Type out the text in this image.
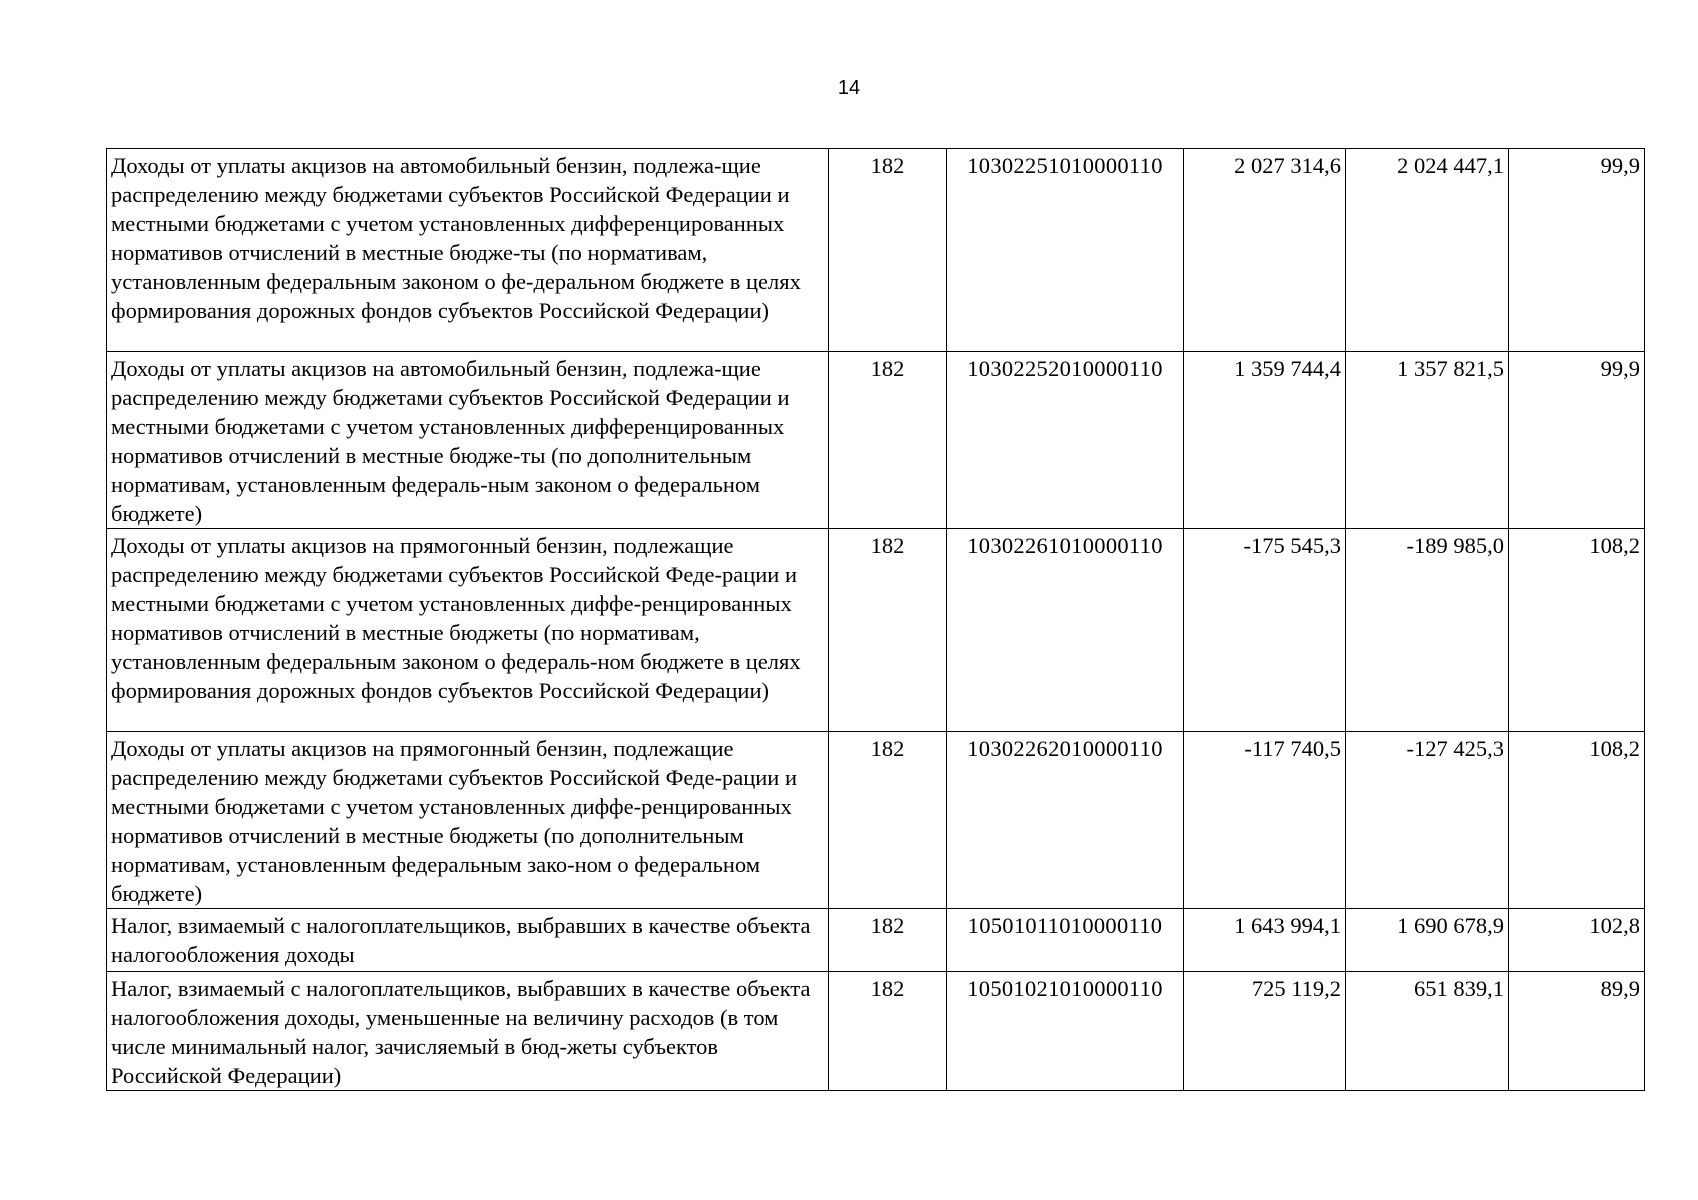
14
Доходы от уплаты акцизов на автомобильный бензин, подлежа-щие распределению между бюджетами субъектов Российской Федерации и местными бюджетами с учетом установленных дифференцированных нормативов отчислений в местные бюдже-ты (по нормативам, установленным федеральным законом о фе-деральном бюджете в целях формирования дорожных фондов субъектов Российской Федерации)	182	10302251010000110	2 027 314,6	2 024 447,1	99,9
Доходы от уплаты акцизов на автомобильный бензин, подлежа-щие распределению между бюджетами субъектов Российской Федерации и местными бюджетами с учетом установленных дифференцированных нормативов отчислений в местные бюдже-ты (по дополнительным нормативам, установленным федераль-ным законом о федеральном бюджете)	182	10302252010000110	1 359 744,4	1 357 821,5	99,9
Доходы от уплаты акцизов на прямогонный бензин, подлежащие распределению между бюджетами субъектов Российской Феде-рации и местными бюджетами с учетом установленных диффе-ренцированных нормативов отчислений в местные бюджеты (по нормативам, установленным федеральным законом о федераль-ном бюджете в целях формирования дорожных фондов субъектов Российской Федерации)	182	10302261010000110	-175 545,3	-189 985,0	108,2
Доходы от уплаты акцизов на прямогонный бензин, подлежащие распределению между бюджетами субъектов Российской Феде-рации и местными бюджетами с учетом установленных диффе-ренцированных нормативов отчислений в местные бюджеты (по дополнительным нормативам, установленным федеральным зако-ном о федеральном бюджете)	182	10302262010000110	-117 740,5	-127 425,3	108,2
Налог, взимаемый с налогоплательщиков, выбравших в качестве объекта налогообложения доходы	182	10501011010000110	1 643 994,1	1 690 678,9	102,8
Налог, взимаемый с налогоплательщиков, выбравших в качестве объекта налогообложения доходы, уменьшенные на величину расходов (в том числе минимальный налог, зачисляемый в бюд-жеты субъектов Российской Федерации)	182	10501021010000110	725 119,2	651 839,1	89,9
